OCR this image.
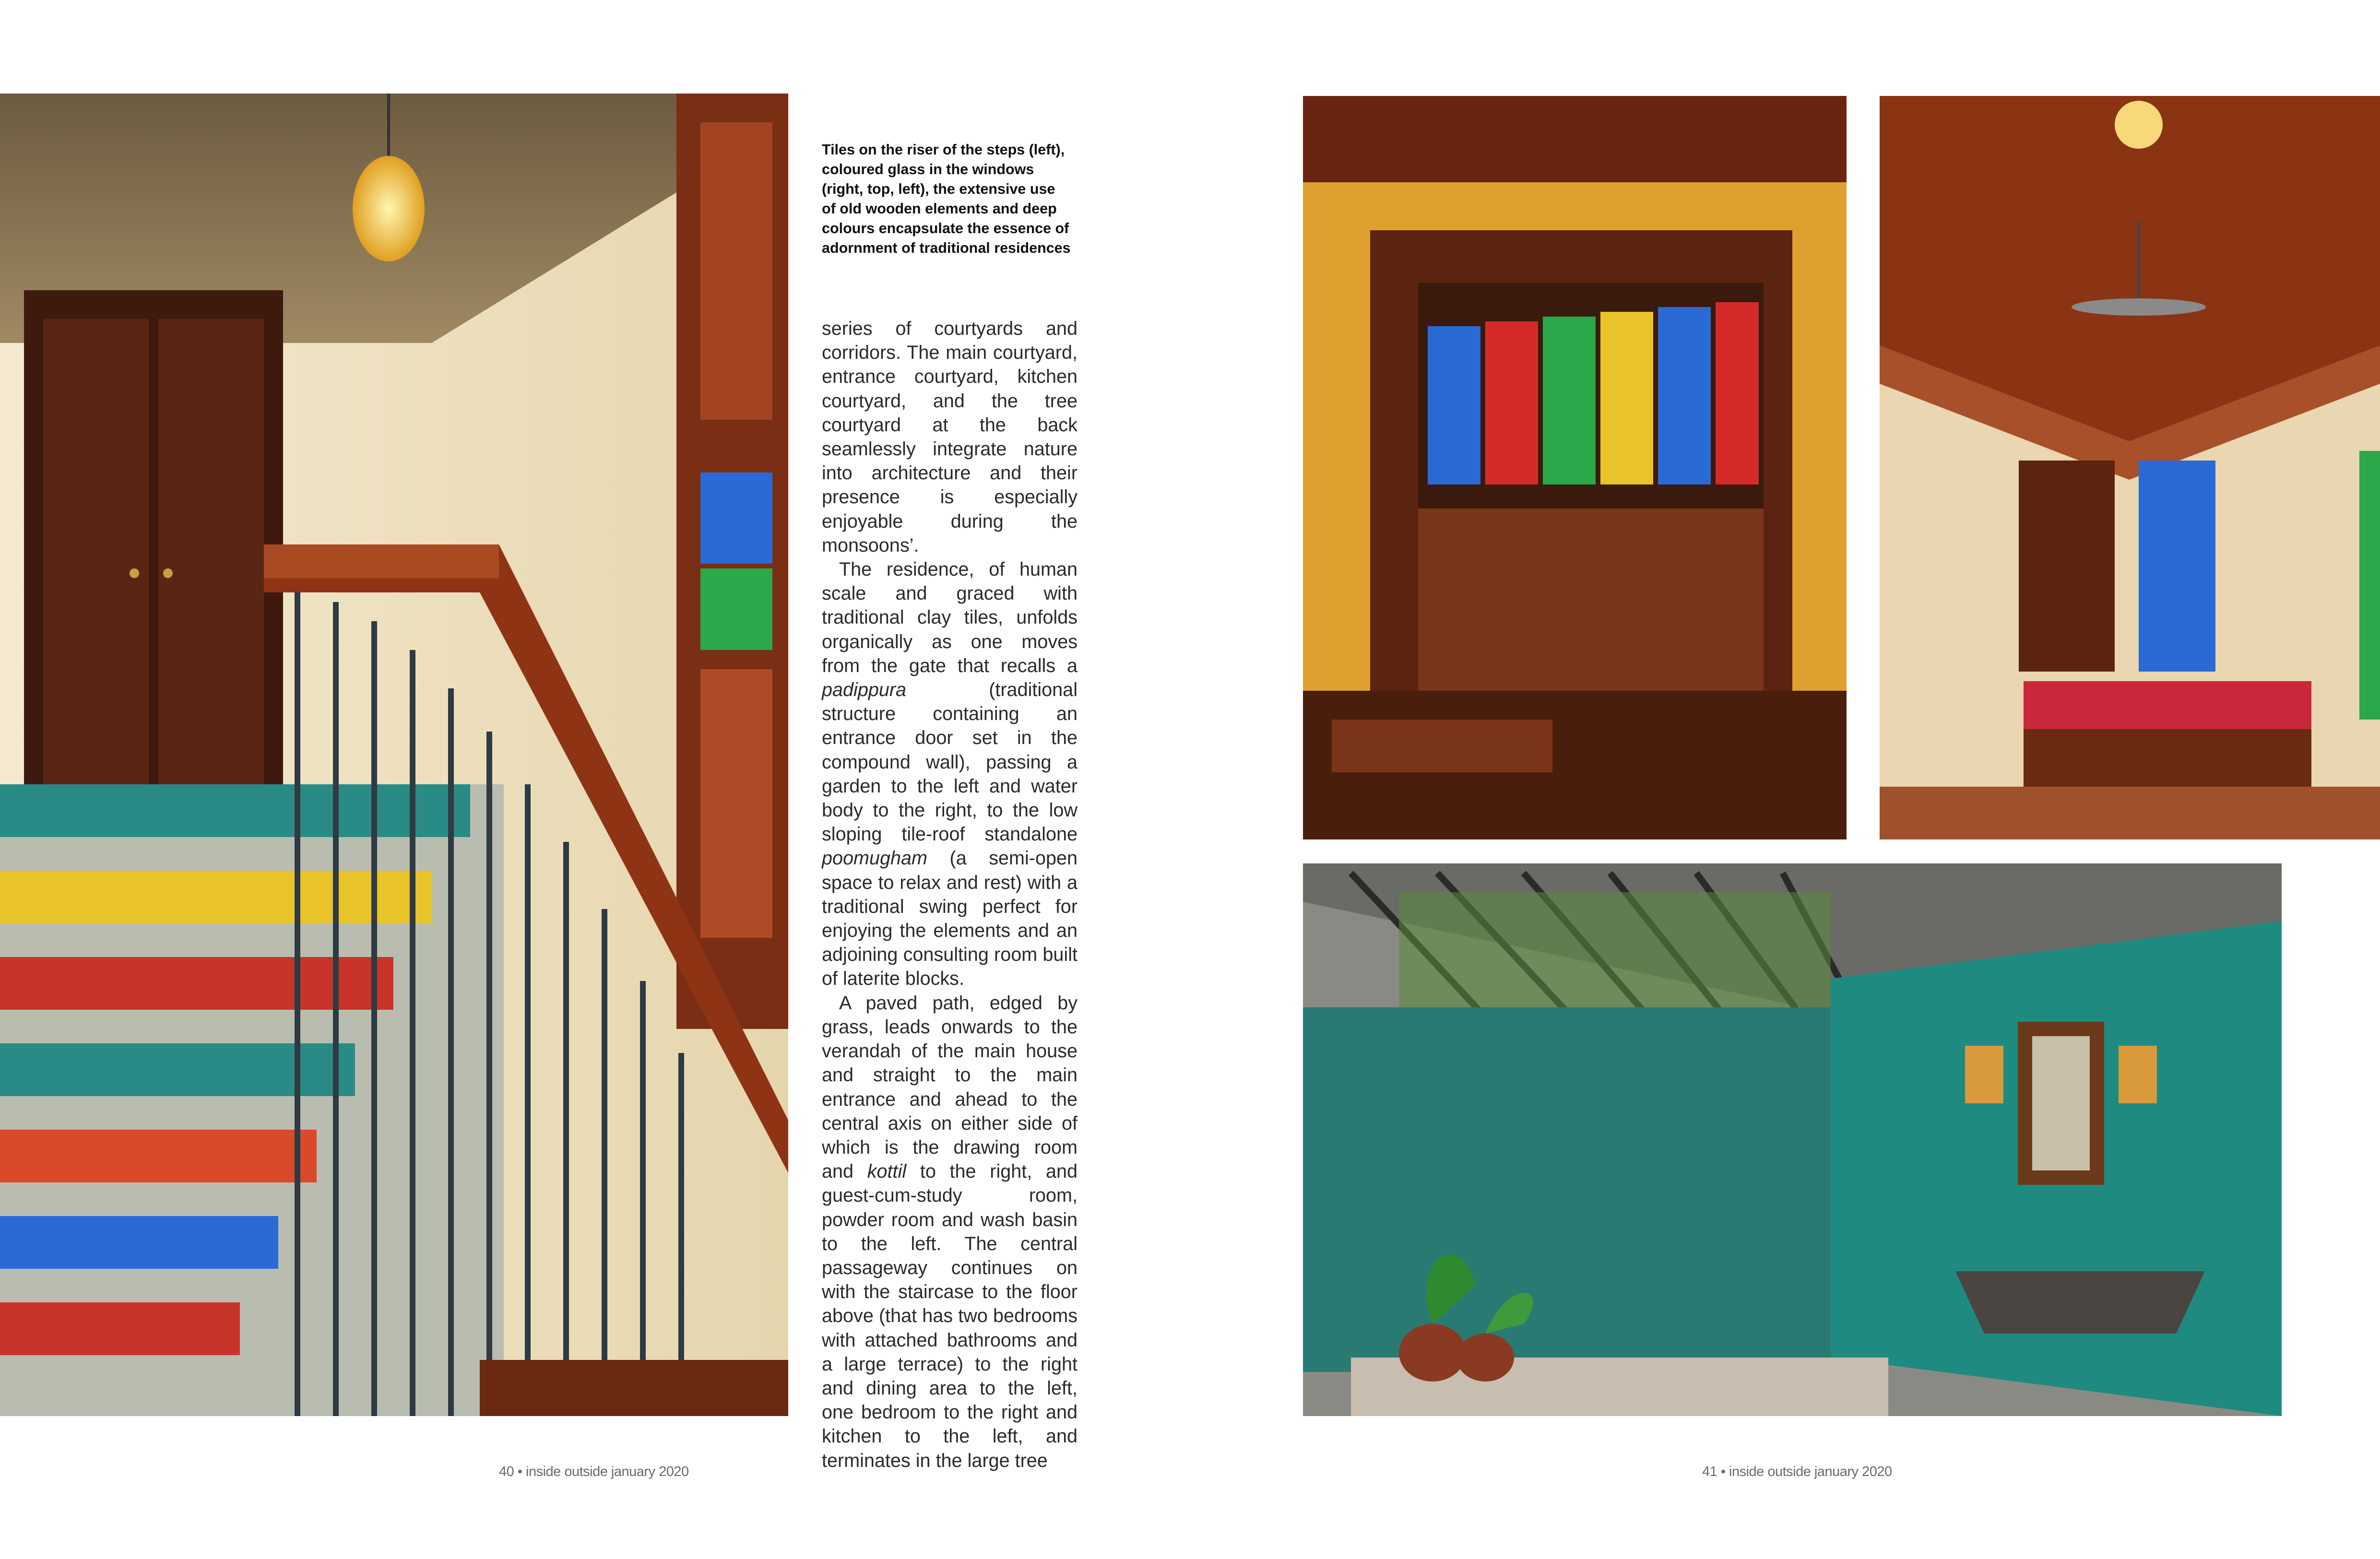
Tiles on the riser of the steps (left), coloured glass in the windows (right, top, left), the extensive use of old wooden elements and deep colours encapsulate the essence of adornment of traditional residences

series of courtyards and corridors. The main courtyard, entrance courtyard, kitchen courtyard, and the tree courtyard at the back seamlessly integrate nature into architecture and their presence is especially enjoyable during the monsoons’.

The residence, of human scale and graced with traditional clay tiles, unfolds organically as one moves from the gate that recalls a padippura (traditional structure containing an entrance door set in the compound wall), passing a garden to the left and water body to the right, to the low sloping tile-roof standalone poomugham (a semi-open space to relax and rest) with a traditional swing perfect for enjoying the elements and an adjoining consulting room built of laterite blocks.

A paved path, edged by grass, leads onwards to the verandah of the main house and straight to the main entrance and ahead to the central axis on either side of which is the drawing room and kottil to the right, and guest-cum-study room, powder room and wash basin to the left. The central passageway continues on with the staircase to the floor above (that has two bedrooms with attached bathrooms and a large terrace) to the right and dining area to the left, one bedroom to the right and kitchen to the left, and terminates in the large tree

40 • inside outside january 2020	41 • inside outside january 2020
